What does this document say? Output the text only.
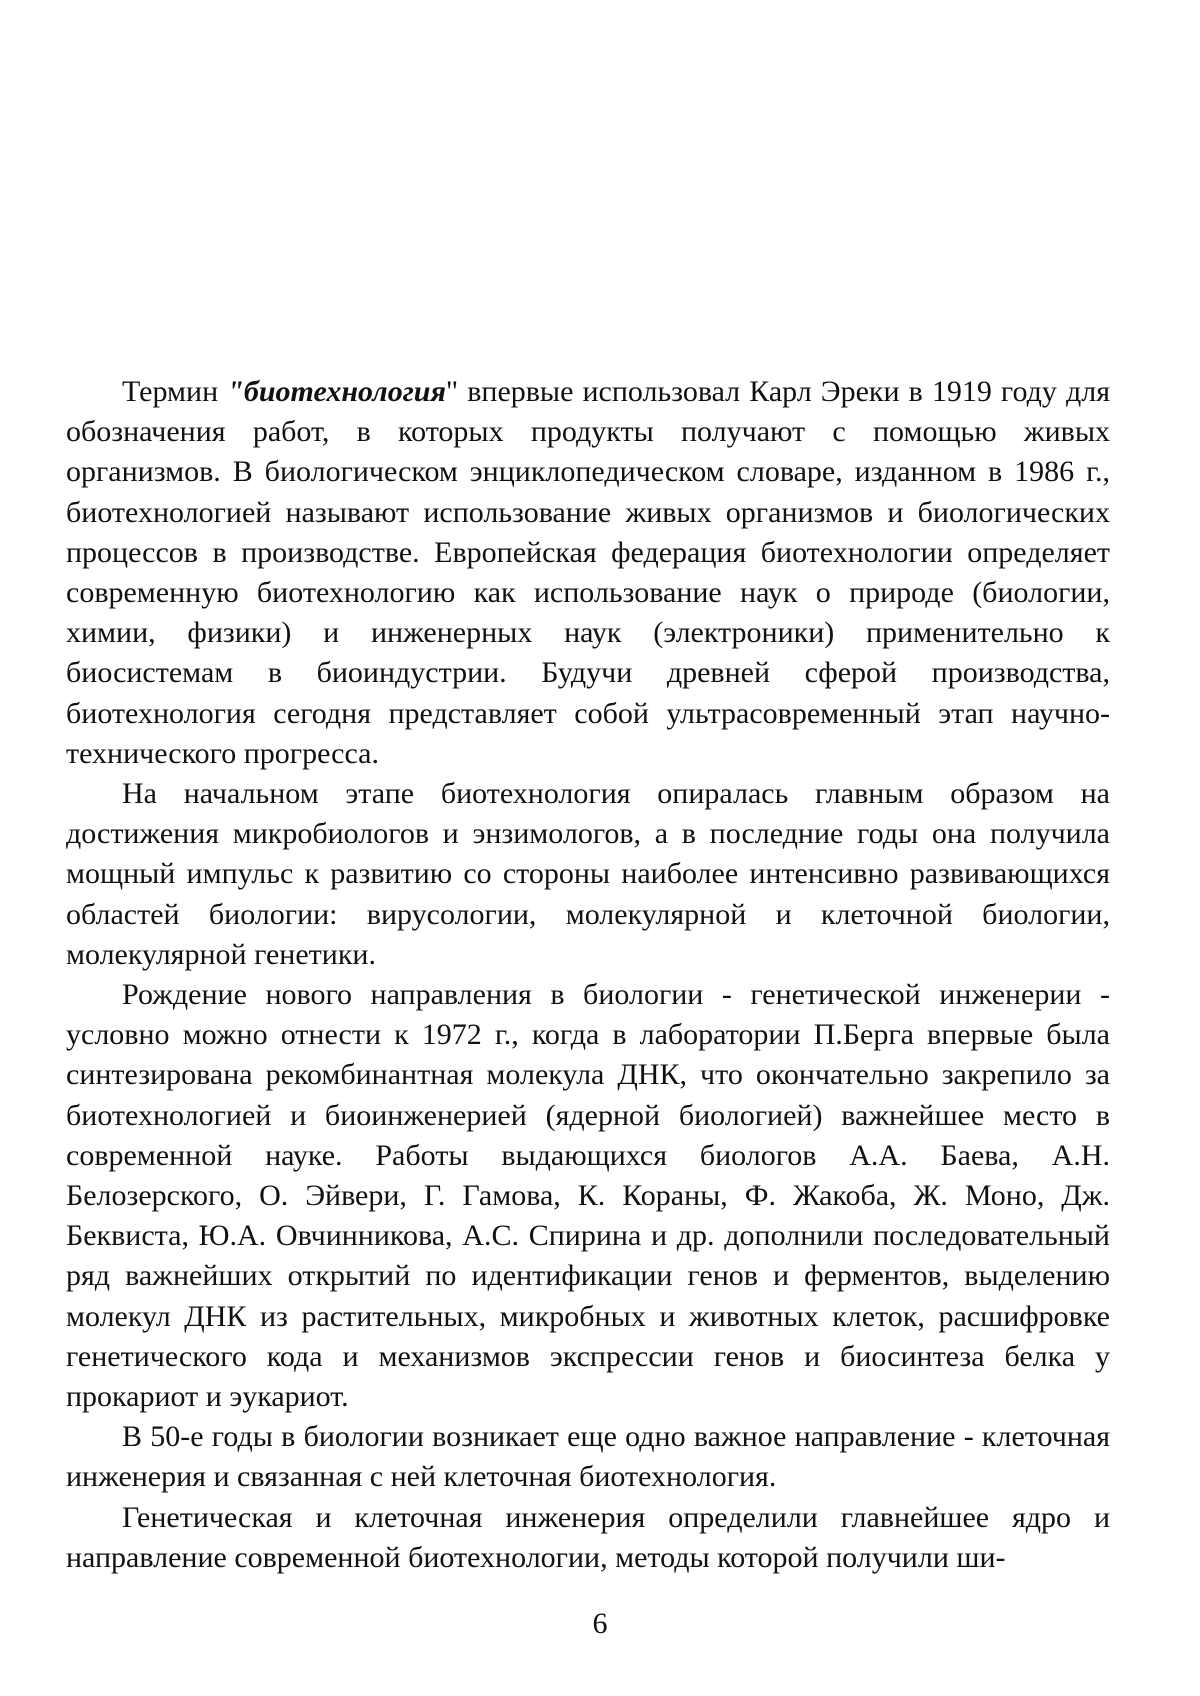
Термин "биотехнология" впервые использовал Карл Эреки в 1919 году для обозначения работ, в которых продукты получают с помощью живых организмов. В биологическом энциклопедическом словаре, изданном в 1986 г., биотехнологией называют использование живых организмов и биологических процессов в производстве. Европейская федерация биотехнологии определяет современную биотехнологию как использование наук о природе (биологии, химии, физики) и инженерных наук (электроники) применительно к биосистемам в биоиндустрии. Будучи древней сферой производства, биотехнология сегодня представляет собой ультрасовременный этап научно-технического прогресса.

На начальном этапе биотехнология опиралась главным образом на достижения микробиологов и энзимологов, а в последние годы она получила мощный импульс к развитию со стороны наиболее интенсивно развивающихся областей биологии: вирусологии, молекулярной и клеточной биологии, молекулярной генетики.

Рождение нового направления в биологии - генетической инженерии - условно можно отнести к 1972 г., когда в лаборатории П.Берга впервые была синтезирована рекомбинантная молекула ДНК, что окончательно закрепило за биотехнологией и биоинженерией (ядерной биологией) важнейшее место в современной науке. Работы выдающихся биологов А.А. Баева, А.Н. Белозерского, О. Эйвери, Г. Гамова, К. Кораны, Ф. Жакоба, Ж. Моно, Дж. Беквиста, Ю.А. Овчинникова, А.С. Спирина и др. дополнили последовательный ряд важнейших открытий по идентификации генов и ферментов, выделению молекул ДНК из растительных, микробных и животных клеток, расшифровке генетического кода и механизмов экспрессии генов и биосинтеза белка у прокариот и эукариот.

В 50-е годы в биологии возникает еще одно важное направление - клеточная инженерия и связанная с ней клеточная биотехнология.

Генетическая и клеточная инженерия определили главнейшее ядро и направление современной биотехнологии, методы которой получили ши-

6
